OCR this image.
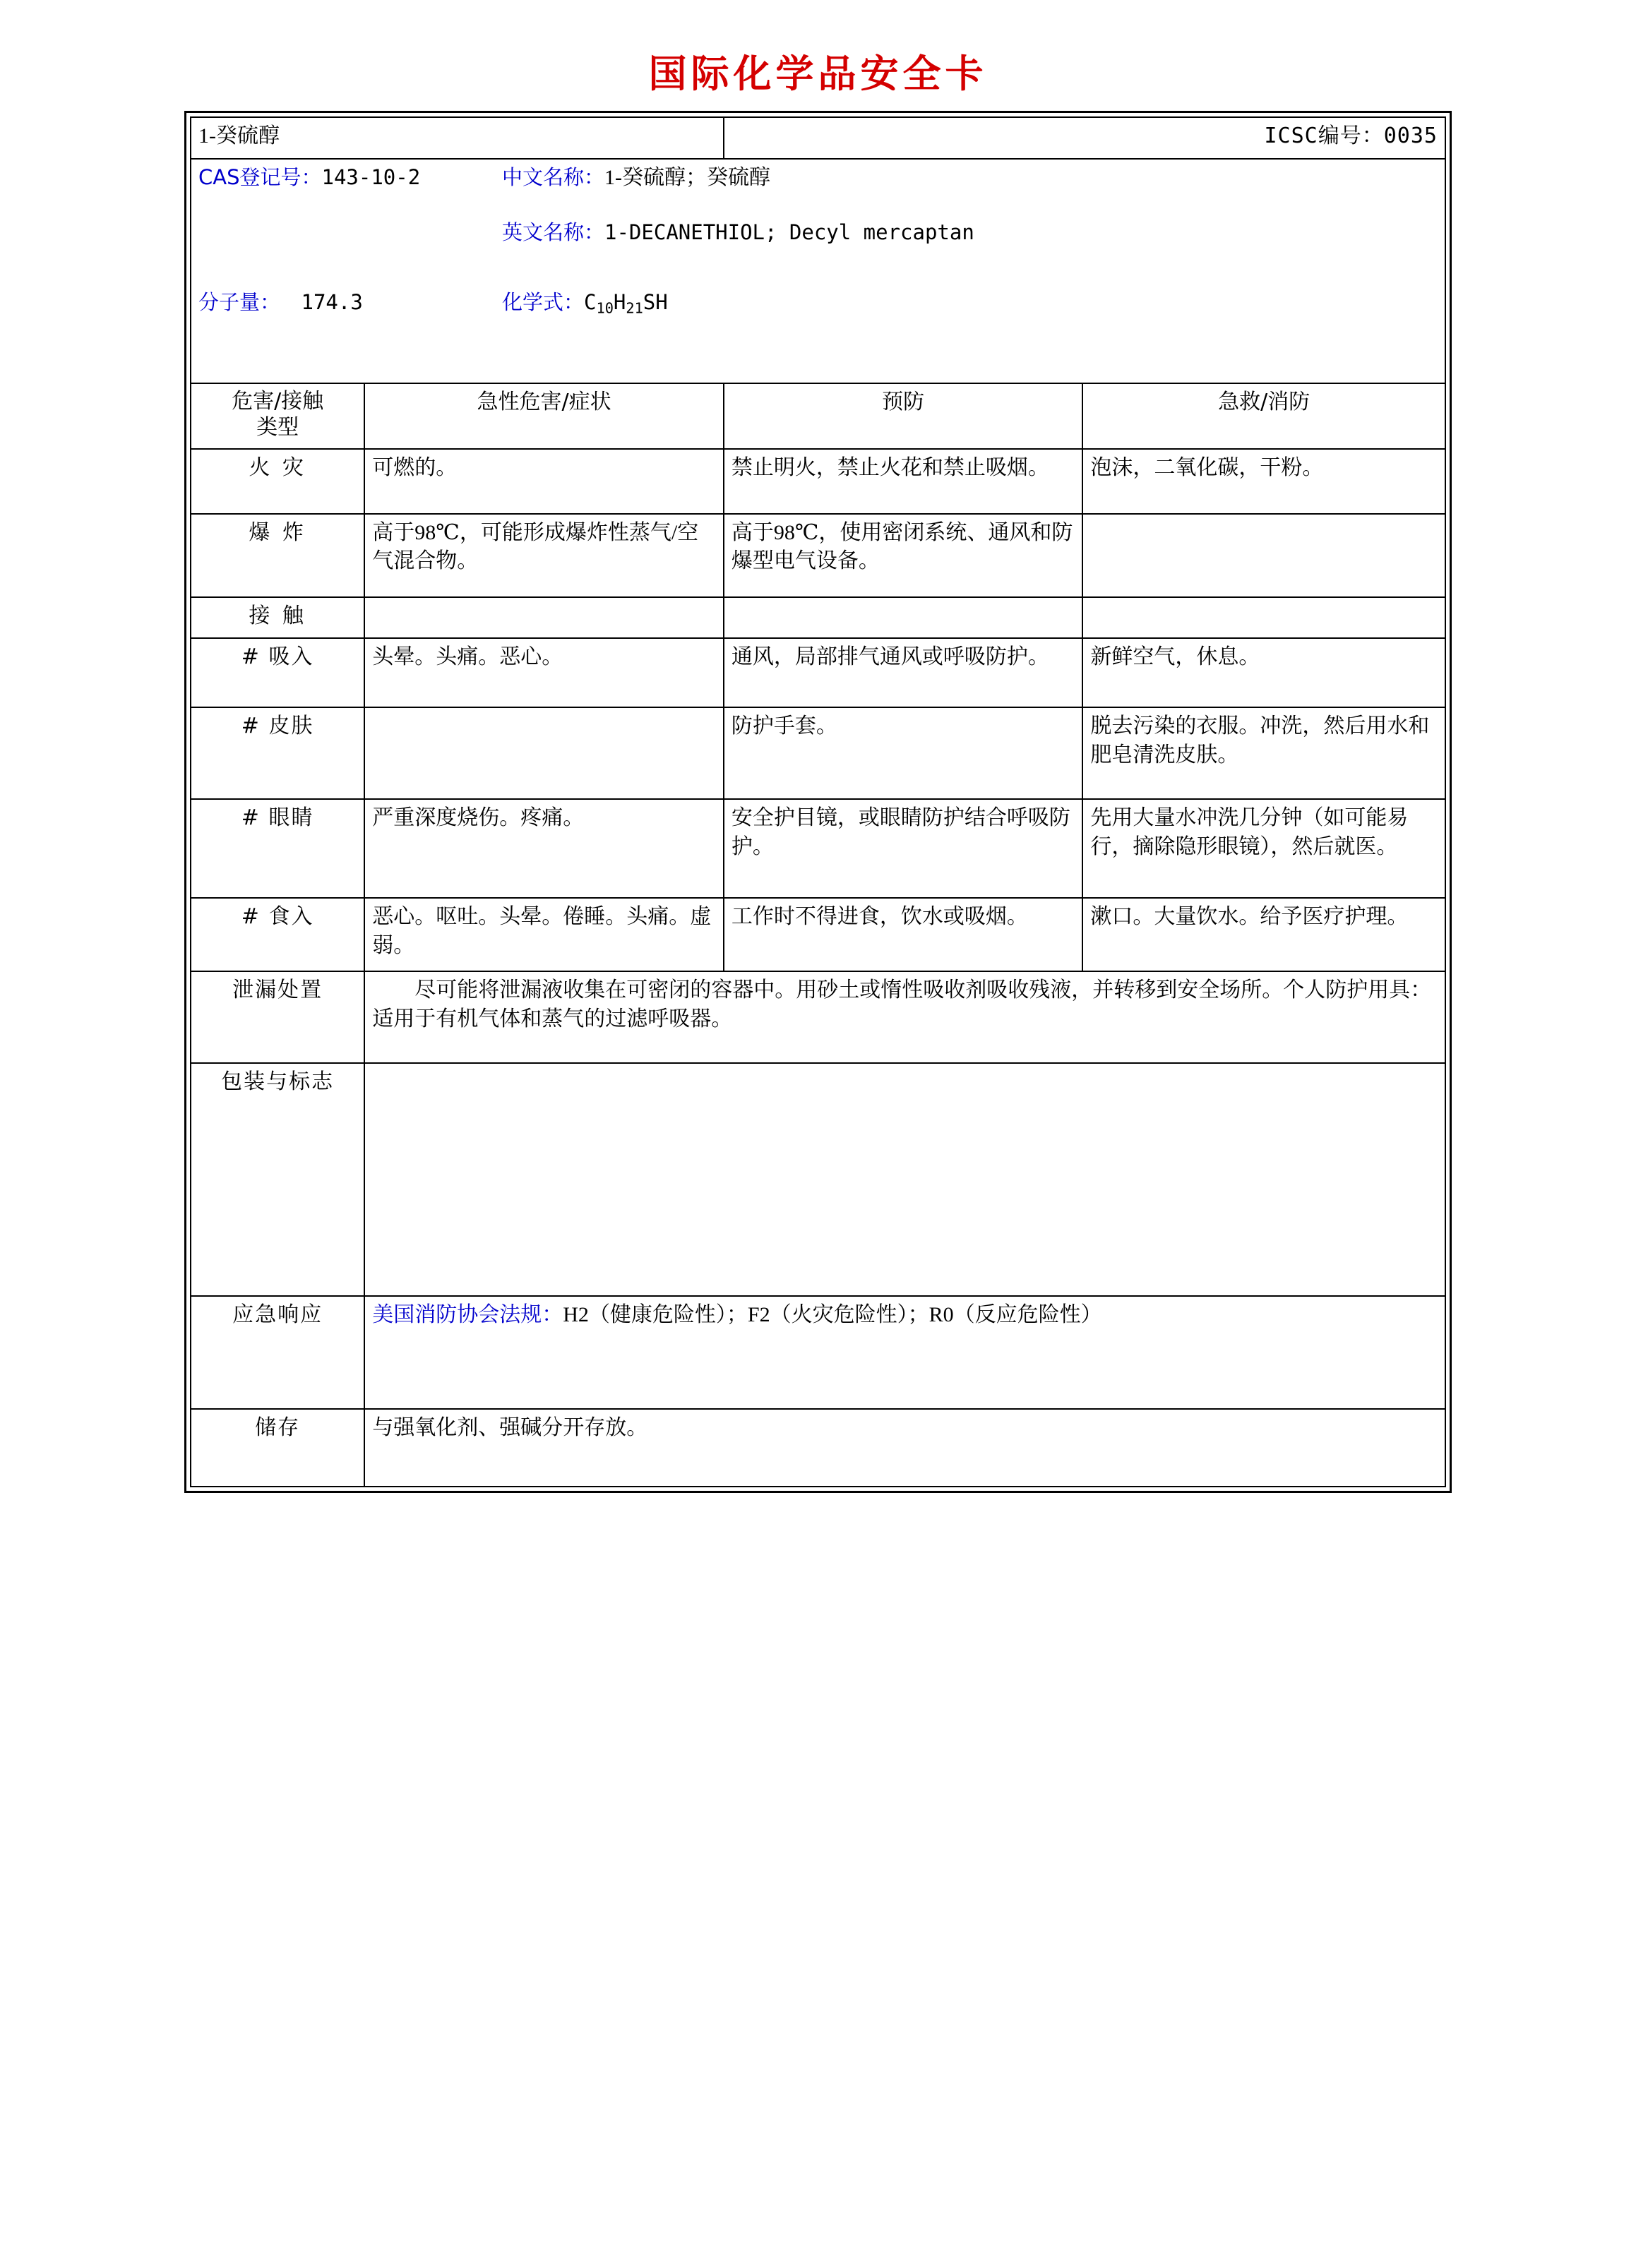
国际化学品安全卡
1-癸硫醇		ICSC编号：0035	

CAS登记号：143-10-2 中文名称：1-癸硫醇；癸硫醇

英文名称：1-DECANETHIOL; Decyl mercaptan
分子量： 174.3 化学式：$C_{10}H_{21}SH$			

危害/接触
类型	急性危害/症状	预防	急救/消防
火 灾	可燃的。	禁止明火，禁止火花和禁止吸烟。	泡沫，二氧化碳，干粉。
爆 炸	高于98℃，可能形成爆炸性蒸气/空气混合物。	高于98℃，使用密闭系统、通风和防爆型电气设备。	
接 触			
# 吸入	头晕。头痛。恶心。	通风，局部排气通风或呼吸防护。	新鲜空气，休息。
# 皮肤		防护手套。	脱去污染的衣服。冲洗，然后用水和肥皂清洗皮肤。
# 眼睛	严重深度烧伤。疼痛。	安全护目镜，或眼睛防护结合呼吸防护。	先用大量水冲洗几分钟（如可能易行，摘除隐形眼镜），然后就医。
# 食入	恶心。呕吐。头晕。倦睡。头痛。虚弱。	工作时不得进食，饮水或吸烟。	漱口。大量饮水。给予医疗护理。
泄漏处置	尽可能将泄漏液收集在可密闭的容器中。用砂土或惰性吸收剂吸收残液，并转移到安全场所。个人防护用具：适用于有机气体和蒸气的过滤呼吸器。		
包装与标志			
应急响应	美国消防协会法规：H2（健康危险性）；F2（火灾危险性）；R0（反应危险性）		
储存	与强氧化剂、强碱分开存放。		
